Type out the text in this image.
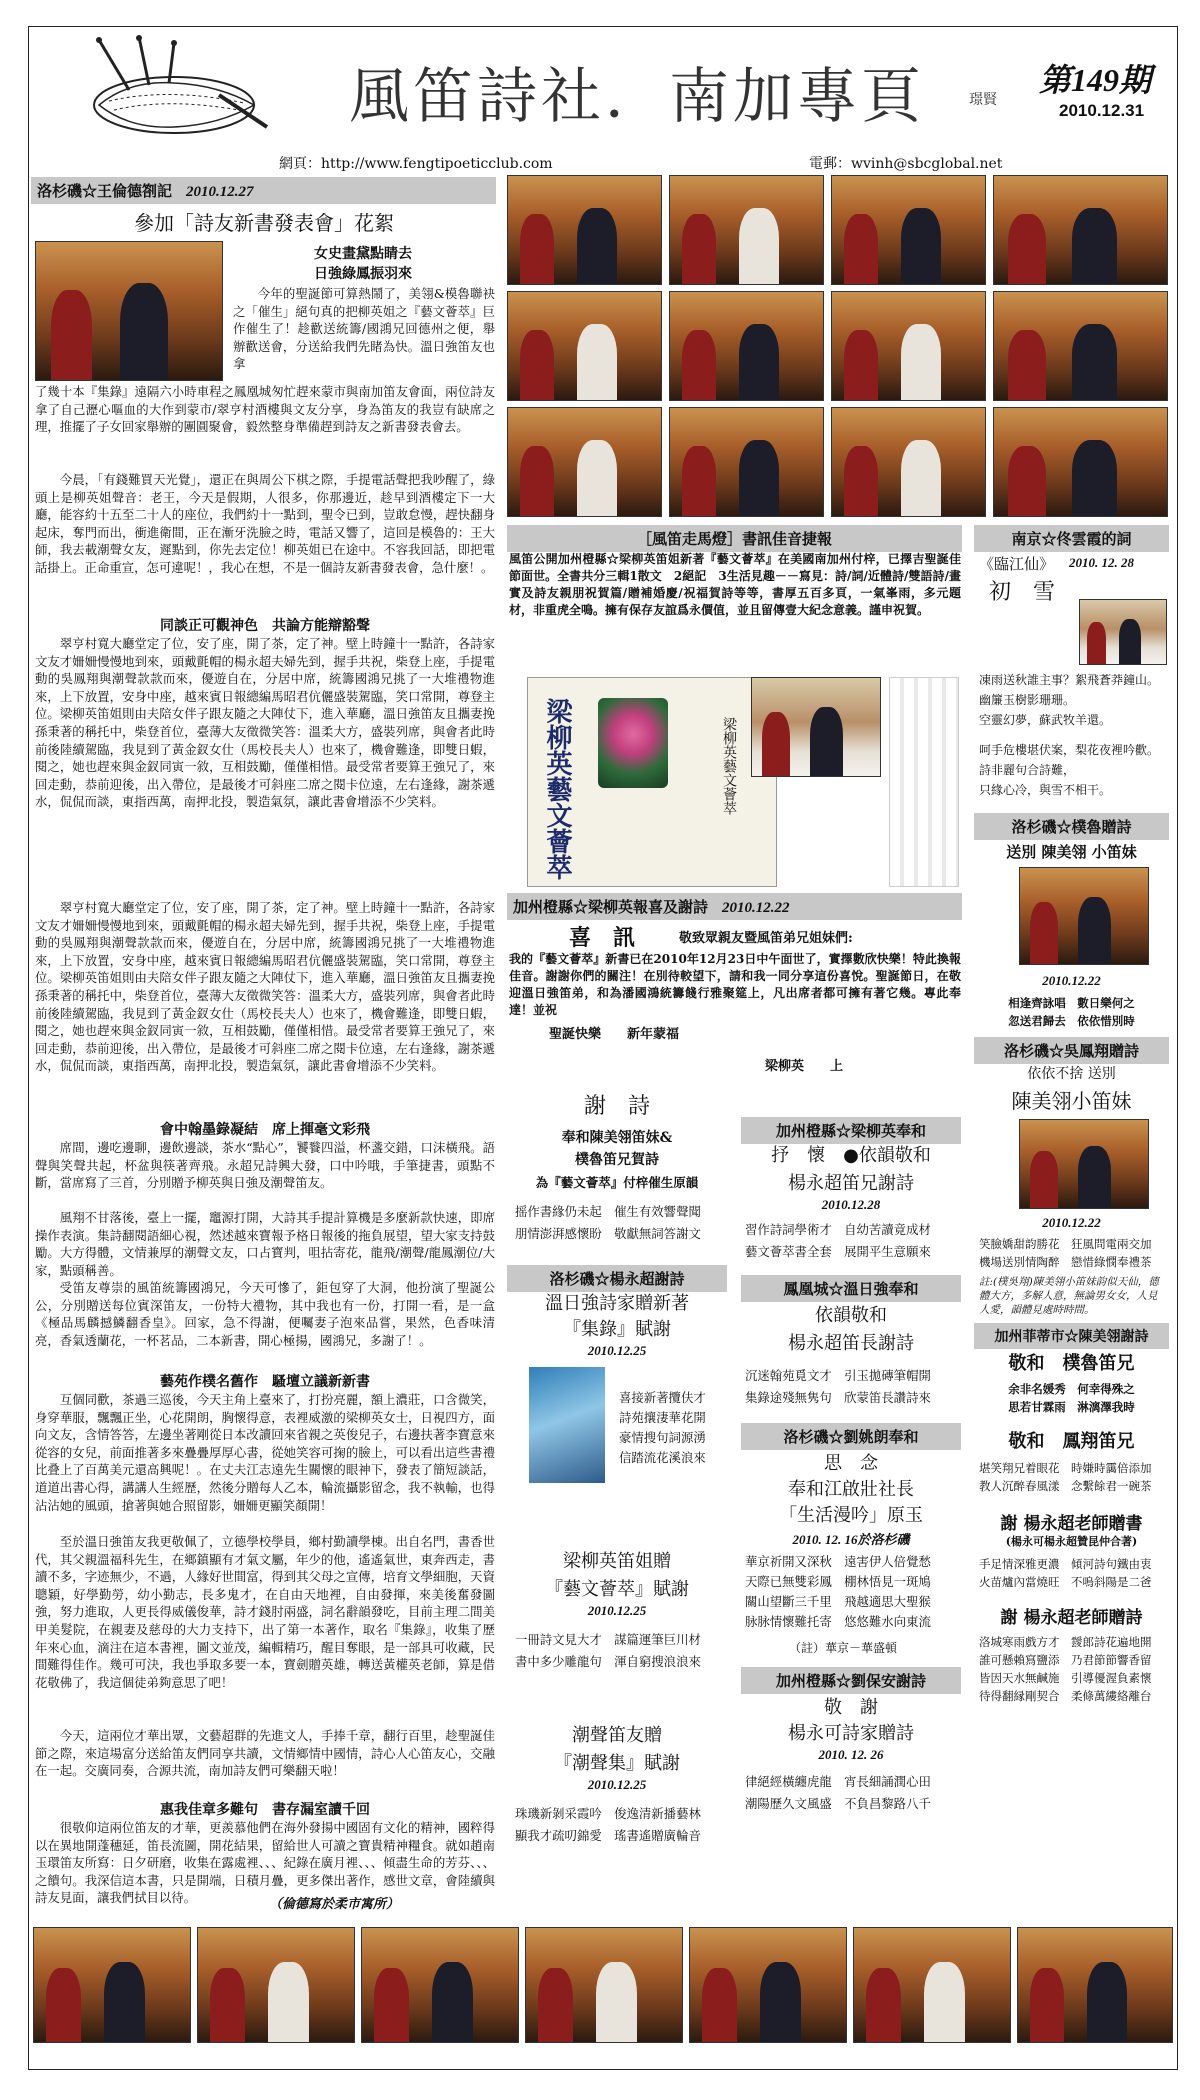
風笛詩社．南加專頁	璟賢
第149期
2010.12.31
網頁：http://www.fengtipoeticclub.com	電郵：wvinh@sbcglobal.net
洛杉磯☆王倫德劄記 2010.12.27
參加「詩友新書發表會」花絮
女史畫黛點睛去
日強綠鳳振羽來
今年的聖誕節可算熱鬧了，美翎&模魯聯袂之「催生」絕句真的把柳英姐之『藝文薈萃』巨作催生了！趁歡送統籌/國鴻兄回德州之便，舉辦歡送會，分送給我們先睹為快。溫日強笛友也拿
了幾十本『集錄』遠隔六小時車程之鳳凰城匆忙趕來蒙市與南加笛友會面，兩位詩友拿了自己瀝心嘔血的大作到蒙市/翠亨村酒樓與文友分享，身為笛友的我豈有缺席之理，推擺了子女回家舉辦的團圓聚會，毅然整身準備趕到詩友之新書發表會去。
今晨，「有錢難買天光覺」，還正在與周公下棋之際，手提電話聲把我吵醒了，綠頭上是柳英姐聲音：老王，今天是假期，人很多，你那邊近，趁早到酒樓定下一大廳，能容約十五至二十人的座位，我們約十一點到，聖令已到，豈敢怠慢，趕快翻身起床，奪門而出，衝進衛間，正在漸牙洗臉之時，電話又響了，這回是模魯的：王大師，我去載潮聲女友，遲點到，你先去定位！柳英姐已在途中。不容我回話，即把電話掛上。正命重宣，怎可違呢！，我心在想，不是一個詩友新書發表會，急什麼！。
同談正可觀神色　共論方能辯豁聲
翠亨村寬大廳堂定了位，安了座，開了茶，定了神。壁上時鐘十一點許，各詩家文友才姍姍慢慢地到來，頭戴氈帽的楊永超夫婦先到，握手共祝，柴登上座，手提電動的吳鳳翔與潮聲款款而來，優遊自在，分居中席，統籌國鴻兄挑了一大堆禮物進來，上下放置，安身中座，越來賓日報總編馬昭君伉儷盛裝駕臨，笑口常開，尊登主位。梁柳英笛姐則由夫陪女伴子跟友隨之大陣仗下，進入華廳，溫日強笛友且攜妻挽孫秉著的稱托中，柴登首位，臺薄大友徵微笑答：溫柔大方，盛裝列席，與會者此時前後陸續駕臨，我見到了黃金釵女仕（馬校長夫人）也來了，機會難逢，即雙日蝦，閱之，她也趕來與金釵同寅一敘，互相鼓勵，僅僅相惜。最受常者要算王強兄了，來回走動，恭前迎後，出入帶位，是最後才可斜座二席之閱卡位遠，左右逢緣，謝茶遞水，侃侃而談，東指西萬，南押北投，製造氣氛，讓此書會增添不少笑料。
翠亨村寬大廳堂定了位，安了座，開了茶，定了神。壁上時鐘十一點許，各詩家文友才姍姍慢慢地到來，頭戴氈帽的楊永超夫婦先到，握手共祝，柴登上座，手提電動的吳鳳翔與潮聲款款而來，優遊自在，分居中席，統籌國鴻兄挑了一大堆禮物進來，上下放置，安身中座，越來賓日報總編馬昭君伉儷盛裝駕臨，笑口常開，尊登主位。梁柳英笛姐則由夫陪女伴子跟友隨之大陣仗下，進入華廳，溫日強笛友且攜妻挽孫秉著的稱托中，柴登首位，臺薄大友徵微笑答：溫柔大方，盛裝列席，與會者此時前後陸續駕臨，我見到了黃金釵女仕（馬校長夫人）也來了，機會難逢，即雙日蝦，閱之，她也趕來與金釵同寅一敘，互相鼓勵，僅僅相惜。最受常者要算王強兄了，來回走動，恭前迎後，出入帶位，是最後才可斜座二席之閱卡位遠，左右逢緣，謝茶遞水，侃侃而談，東指西萬，南押北投，製造氣氛，讓此書會增添不少笑料。
會中翰墨錄凝結　席上揮毫文彩飛
席間，邊吃邊聊，邊飲邊談，茶水“點心”，饕餮四溢，杯盞交錯，口沫橫飛。語聲與笑聲共起，杯盆與筷著齊飛。永超兄詩興大發，口中吟哦，手筆捷書，頭點不斷，當席寫了三首，分別贈予柳英與日強及潮聲笛友。
風翔不甘落後，臺上一擺，竈源打開，大詩其手提計算機是多麼新款快速，即席操作表演。集詩翻閱語細心視，然述越來寶報予格日報後的拖負展望，望大家支持鼓勵。大方得體，文情兼厚的潮聲文友，口占寶判，咀拈寄花，龍飛/潮聲/龍鳳潮位/大家，點頭稱善。
受笛友尊崇的風笛統籌國鴻兄，今天可慘了，鉅包穿了大洞，他扮演了聖誕公公，分別贈送每位賓深笛友，一份特大禮物，其中我也有一份，打開一看，是一盒《極品馬麟撼鱗翻香皇》。回家，急不得謝，便囑妻子泡來品嘗，果然，色香味清亮，香氣透蘭花，一杯茗品，二本新書，開心極揚，國鴻兄，多謝了！。
藝苑作樸名舊作　騷壇立議新新書
互個同歡，茶過三巡後，今天主角上臺來了，打扮亮麗，額上濃莊，口含微笑，身穿華服，飄飄正坐，心花開朗，胸懷得意，表裡威激的梁柳英女士，日視四方，面向文友，含情答答，左邊坐著剛從日本改讀回來省親之英俊兒子，右邊扶著李寶意來從容的女兒，前面推著多來疊疊厚厚心書，從她笑容可掬的臉上，可以看出這些書禮比叠上了百萬美元還高興呢！。在丈夫江志遠先生關懷的眼神下，發表了簡短談話，道道出書心得，講講人生經歷，然後分贈每人乙本，輪流攝影留念，我不執輸，也得沾沾她的風頭，搶著與她合照留影，姍姍更顯笑顏開！
至於溫日強笛友我更敬佩了，立德學校學員，鄉村勤讀學棟。出自名門，書香世代，其父親溫福科先生，在鄉鎮顯有才氣文屬，年少的他，遙遙氣世，東奔西走，書讀不多，字迹無少，不過，人緣好世間富，得到其父母之宣傳，培育文學細胞，天資聰穎，好學勤勞，幼小勤志，長多鬼才，在自由天地裡，自由發揮，來美後奮發圖強，努力進取，人更長得威儀俊華，詩才錢肘兩盛，詞名辭韻發吃，目前主理二間美甲美髮院，在親妻及慈母的大力支持下，出了第一本著作，取名『集錄』，收集了歷年來心血，滴注在這本書裡，圖文並茂，編輯精巧，醒目奪眼，是一部具可收藏，民間難得佳作。幾可可決，我也爭取多要一本，寶劍贈英雄，轉送黃權英老師，算是借花敬佛了，我這個徒弟夠意思了吧！
今天，這兩位才華出眾，文藝超群的先進文人，手捧千章，翻行百里，趁聖誕佳節之際，來這場富分送給笛友們同享共讀，文情鄉情中國情，詩心人心笛友心，交融在一起。交廣同奏，合源共流，南加詩友們可樂翻天啦！
惠我佳章多難句　書存漏室讀千回
很敬仰這兩位笛友的才華，更羨慕他們在海外發揚中國固有文化的精神，國粹得以在異地開蓬穗延，笛長流圖，開花結果，留給世人可讀之寶貴精神糧食。就如趙南玉環笛友所寫：日夕研磨，收集在露處裡、、、紀錄在廣月裡、、、傾盡生命的芳芬、、、之饋句。我深信這本書，只是開端，日積月疊，更多傑出著作，感世文章，會陸續與詩友見面，讓我們拭目以待。	（倫德寫於柔市寓所）
［風笛走馬燈］書訊佳音捷報
風笛公開加州橙縣☆梁柳英笛姐新著『藝文薈萃』在美國南加州付梓，已擇吉聖誕佳節面世。全書共分三輯1散文　2絕記　3生活見趣－－寫見：詩/詞/近體詩/雙語詩/畫實及詩友親朋祝賀篇/贈補婚慶/祝福賀詩等等，書厚五百多頁，一氣峯雨，多元題材，非重虎全鳴。擁有保存友誼爲永價值，並且留傳壹大紀念意義。謹申祝賀。
梁柳英藝文薈萃	梁柳英藝文薈萃
加州橙縣☆梁柳英報喜及謝詩 2010.12.22
喜　訊	敬致眾親友暨風笛弟兄姐妹們:
我的『藝文薈萃』新書已在2010年12月23日中午面世了，實擇數欣快樂！特此換報佳音。謝謝你們的關注！在別待較望下，請和我一同分享這份喜悅。聖誕節日，在敬迎溫日強笛弟，和為潘國鴻統籌餞行雅聚筵上，凡出席者都可擁有著它幾。專此奉達！並祝
聖誕快樂　　新年蒙福
梁柳英　　上
謝　詩
奉和陳美翎笛妹&
樸魯笛兄賀詩
為『藝文薈萃』付梓催生原韻
摇作書緣仍未起　催生有效響聲聞
朋情澎湃感懷盼　敬獻無詞答謝文
洛杉磯☆楊永超謝詩
溫日強詩家贈新著
『集錄』賦謝
2010.12.25
喜接新著攬伕才
詩苑攘淒華花開
豪情搜句詞源湧
信踏流花溪浪來
梁柳英笛姐贈
『藝文薈萃』賦謝
2010.12.25
一冊詩文見大才　謀篇運筆巨川材
書中多少雕龍句　渾自窮搜浪浪來
潮聲笛友贈
『潮聲集』賦謝
2010.12.25
珠璣新剝采霞吟　俊逸清新播藝林
顯我才疏叨錦愛　瑤書遙贈廣輪音
加州橙縣☆梁柳英奉和
抒　懷　●依韻敬和
楊永超笛兄謝詩
2010.12.28
習作詩詞學術才　自幼苦讀竟成材
藝文薈萃書全套　展開平生意願來
鳳凰城☆溫日強奉和
依韻敬和
楊永超笛長謝詩
沉迷翰苑覓文才　引玉拋磚筆帽開
集錄途殘無隽句　欣蒙笛長讚詩來
洛杉磯☆劉姚朗奉和
思　念
奉和江啟壯社長
「生活漫吟」原玉
2010. 12. 16於洛杉磯
華京祈開又深秋　遠害伊人倍覺愁
天際已無雙彩鳳　棚林悟見一斑鳩
關山望斷三千里　飛越適思大聖猴
脉脉情懷難托寄　悠悠難水向東流
（註）華京－華盛頓
加州橙縣☆劉保安謝詩
敬　謝
楊永可詩家贈詩
2010. 12. 26
律絕經橫纏虎龍　宵長細誦潤心田
潮陽歷久文風盛　不負昌黎路八千
南京☆佟雲霞的詞
《臨江仙》 2010. 12. 28
初　雪
凍雨送秋誰主事？絮飛蒼莽鐘山。
幽簾玉樹影珊珊。
空靈幻夢，蘇武牧羊還。
呵手危樓堪伏案，梨花夜裡吟歡。
詩非麗句合詩難，
只緣心冷，與雪不相干。
洛杉磯☆樸魯贈詩
送別 陳美翎 小笛妹
2010.12.22
相逢齊詠唱　數日樂何之
忽送君歸去　依依惜別時
洛杉磯☆吳鳳翔贈詩
依依不捨 送別
陳美翎小笛妹
2010.12.22
笑臉嬌甜韵勝花　狂風問電兩交加
機場送別情陶醉　戀惜綠憫奉禮茶
註:(樸吳翔)陳美翎小笛妹韵似天仙，德體大方，多解人意，無論男女女，人見人愛，韻體見處時時間。
加州菲蒂市☆陳美翎謝詩
敬和　樸魯笛兄
余非名媛秀　何幸得殊之
思若甘霖雨　淋漓澤我時
敬和　鳳翔笛兄
堪笑翔兄着眼花　時嫌時靄倍添加
教人沉醉春風漾　念繫餘君一碗茶
謝 楊永超老師贈書
(楊永可楊永超贊昆仲合著)
手足情深雅更濃　傾河詩句鐵由衷
火苗爐內當燒旺　不嗚斜陽是二爸
謝 楊永超老師贈詩
洛城寒雨戲方才　靉郎詩花遍地開
誰可懸賴寫鹽添　乃君節節響香留
皆因天水無鹹施　引導優渥負素懷
待得翻縁剛契合　柔條萬縷絡離台
